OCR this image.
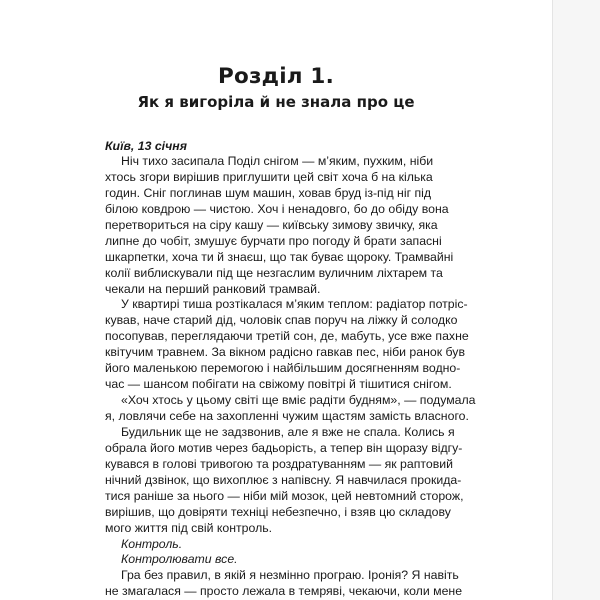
Розділ 1.
Як я вигоріла й не знала про це

Київ, 13 січня

Ніч тихо засипала Поділ снігом — м’яким, пухким, ніби
хтось згори вирішив приглушити цей світ хоча б на кілька
годин. Сніг поглинав шум машин, ховав бруд із-під ніг під
білою ковдрою — чистою. Хоч і ненадовго, бо до обіду вона
перетвориться на сіру кашу — київську зимову звичку, яка
липне до чобіт, змушує бурчати про погоду й брати запасні
шкарпетки, хоча ти й знаєш, що так буває щороку. Трамвайні
колії виблискували під ще незгаслим вуличним ліхтарем та
чекали на перший ранковий трамвай.
У квартирі тиша розтікалася м’яким теплом: радіатор потріс-
кував, наче старий дід, чоловік спав поруч на ліжку й солодко
посопував, переглядаючи третій сон, де, мабуть, усе вже пахне
квітучим травнем. За вікном радісно гавкав пес, ніби ранок був
його маленькою перемогою і найбільшим досягненням водно-
час — шансом побігати на свіжому повітрі й тішитися снігом.
«Хоч хтось у цьому світі ще вміє радіти будням», — подумала
я, ловлячи себе на захопленні чужим щастям замість власного.
Будильник ще не задзвонив, але я вже не спала. Колись я
обрала його мотив через бадьорість, а тепер він щоразу відгу-
кувався в голові тривогою та роздратуванням — як раптовий
нічний дзвінок, що вихоплює з напівсну. Я навчилася прокида-
тися раніше за нього — ніби мій мозок, цей невтомний сторож,
вирішив, що довіряти техніці небезпечно, і взяв цю складову
мого життя під свій контроль.
Контроль.
Контролювати все.
Гра без правил, в якій я незмінно програю. Іронія? Я навіть
не змагалася — просто лежала в темряві, чекаючи, коли мене
